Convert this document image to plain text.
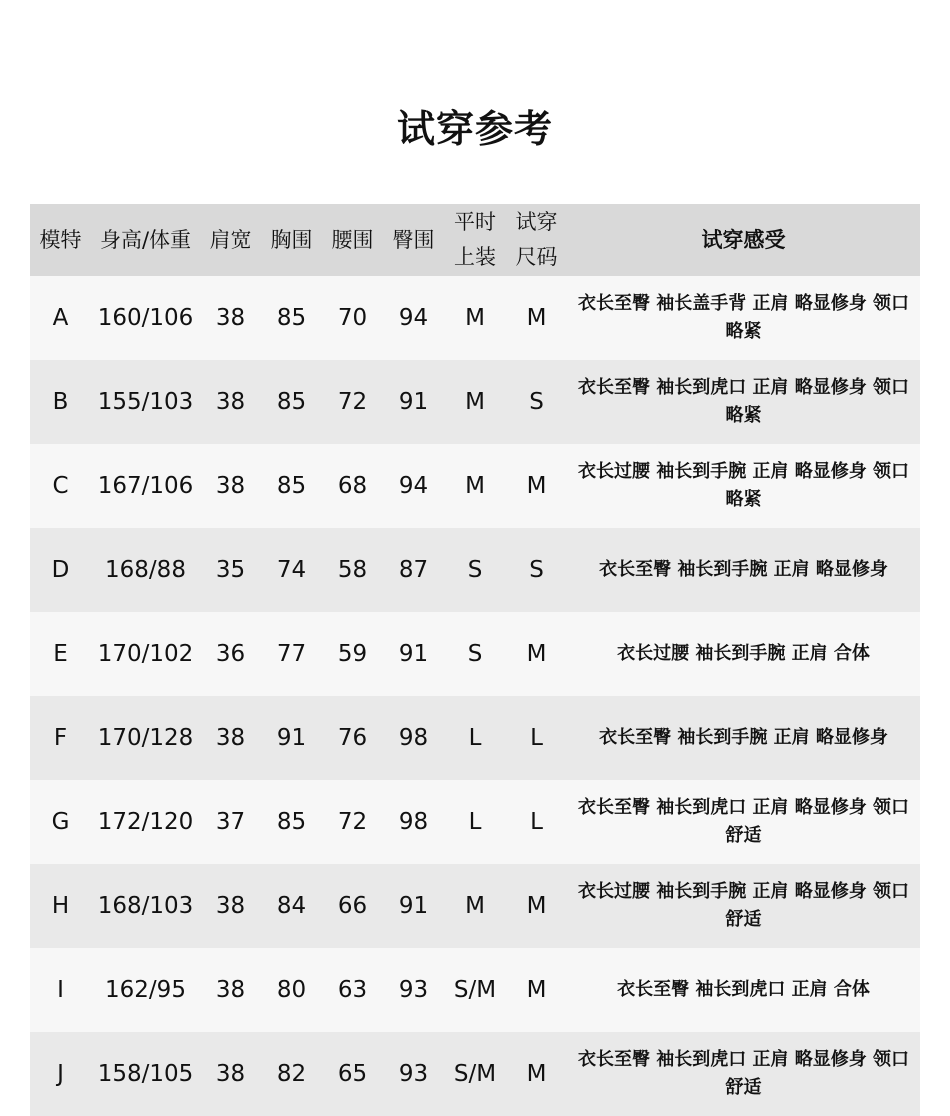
试穿参考
模特	身高/体重	肩宽	胸围	腰围	臀围	平时上装	试穿尺码	试穿感受
A	160/106	38	85	70	94	M	M	衣长至臀 袖长盖手背 正肩 略显修身 领口略紧
B	155/103	38	85	72	91	M	S	衣长至臀 袖长到虎口 正肩 略显修身 领口略紧
C	167/106	38	85	68	94	M	M	衣长过腰 袖长到手腕 正肩 略显修身 领口略紧
D	168/88	35	74	58	87	S	S	衣长至臀 袖长到手腕 正肩 略显修身
E	170/102	36	77	59	91	S	M	衣长过腰 袖长到手腕 正肩 合体
F	170/128	38	91	76	98	L	L	衣长至臀 袖长到手腕 正肩 略显修身
G	172/120	37	85	72	98	L	L	衣长至臀 袖长到虎口 正肩 略显修身 领口舒适
H	168/103	38	84	66	91	M	M	衣长过腰 袖长到手腕 正肩 略显修身 领口舒适
I	162/95	38	80	63	93	S/M	M	衣长至臀 袖长到虎口 正肩 合体
J	158/105	38	82	65	93	S/M	M	衣长至臀 袖长到虎口 正肩 略显修身 领口舒适
